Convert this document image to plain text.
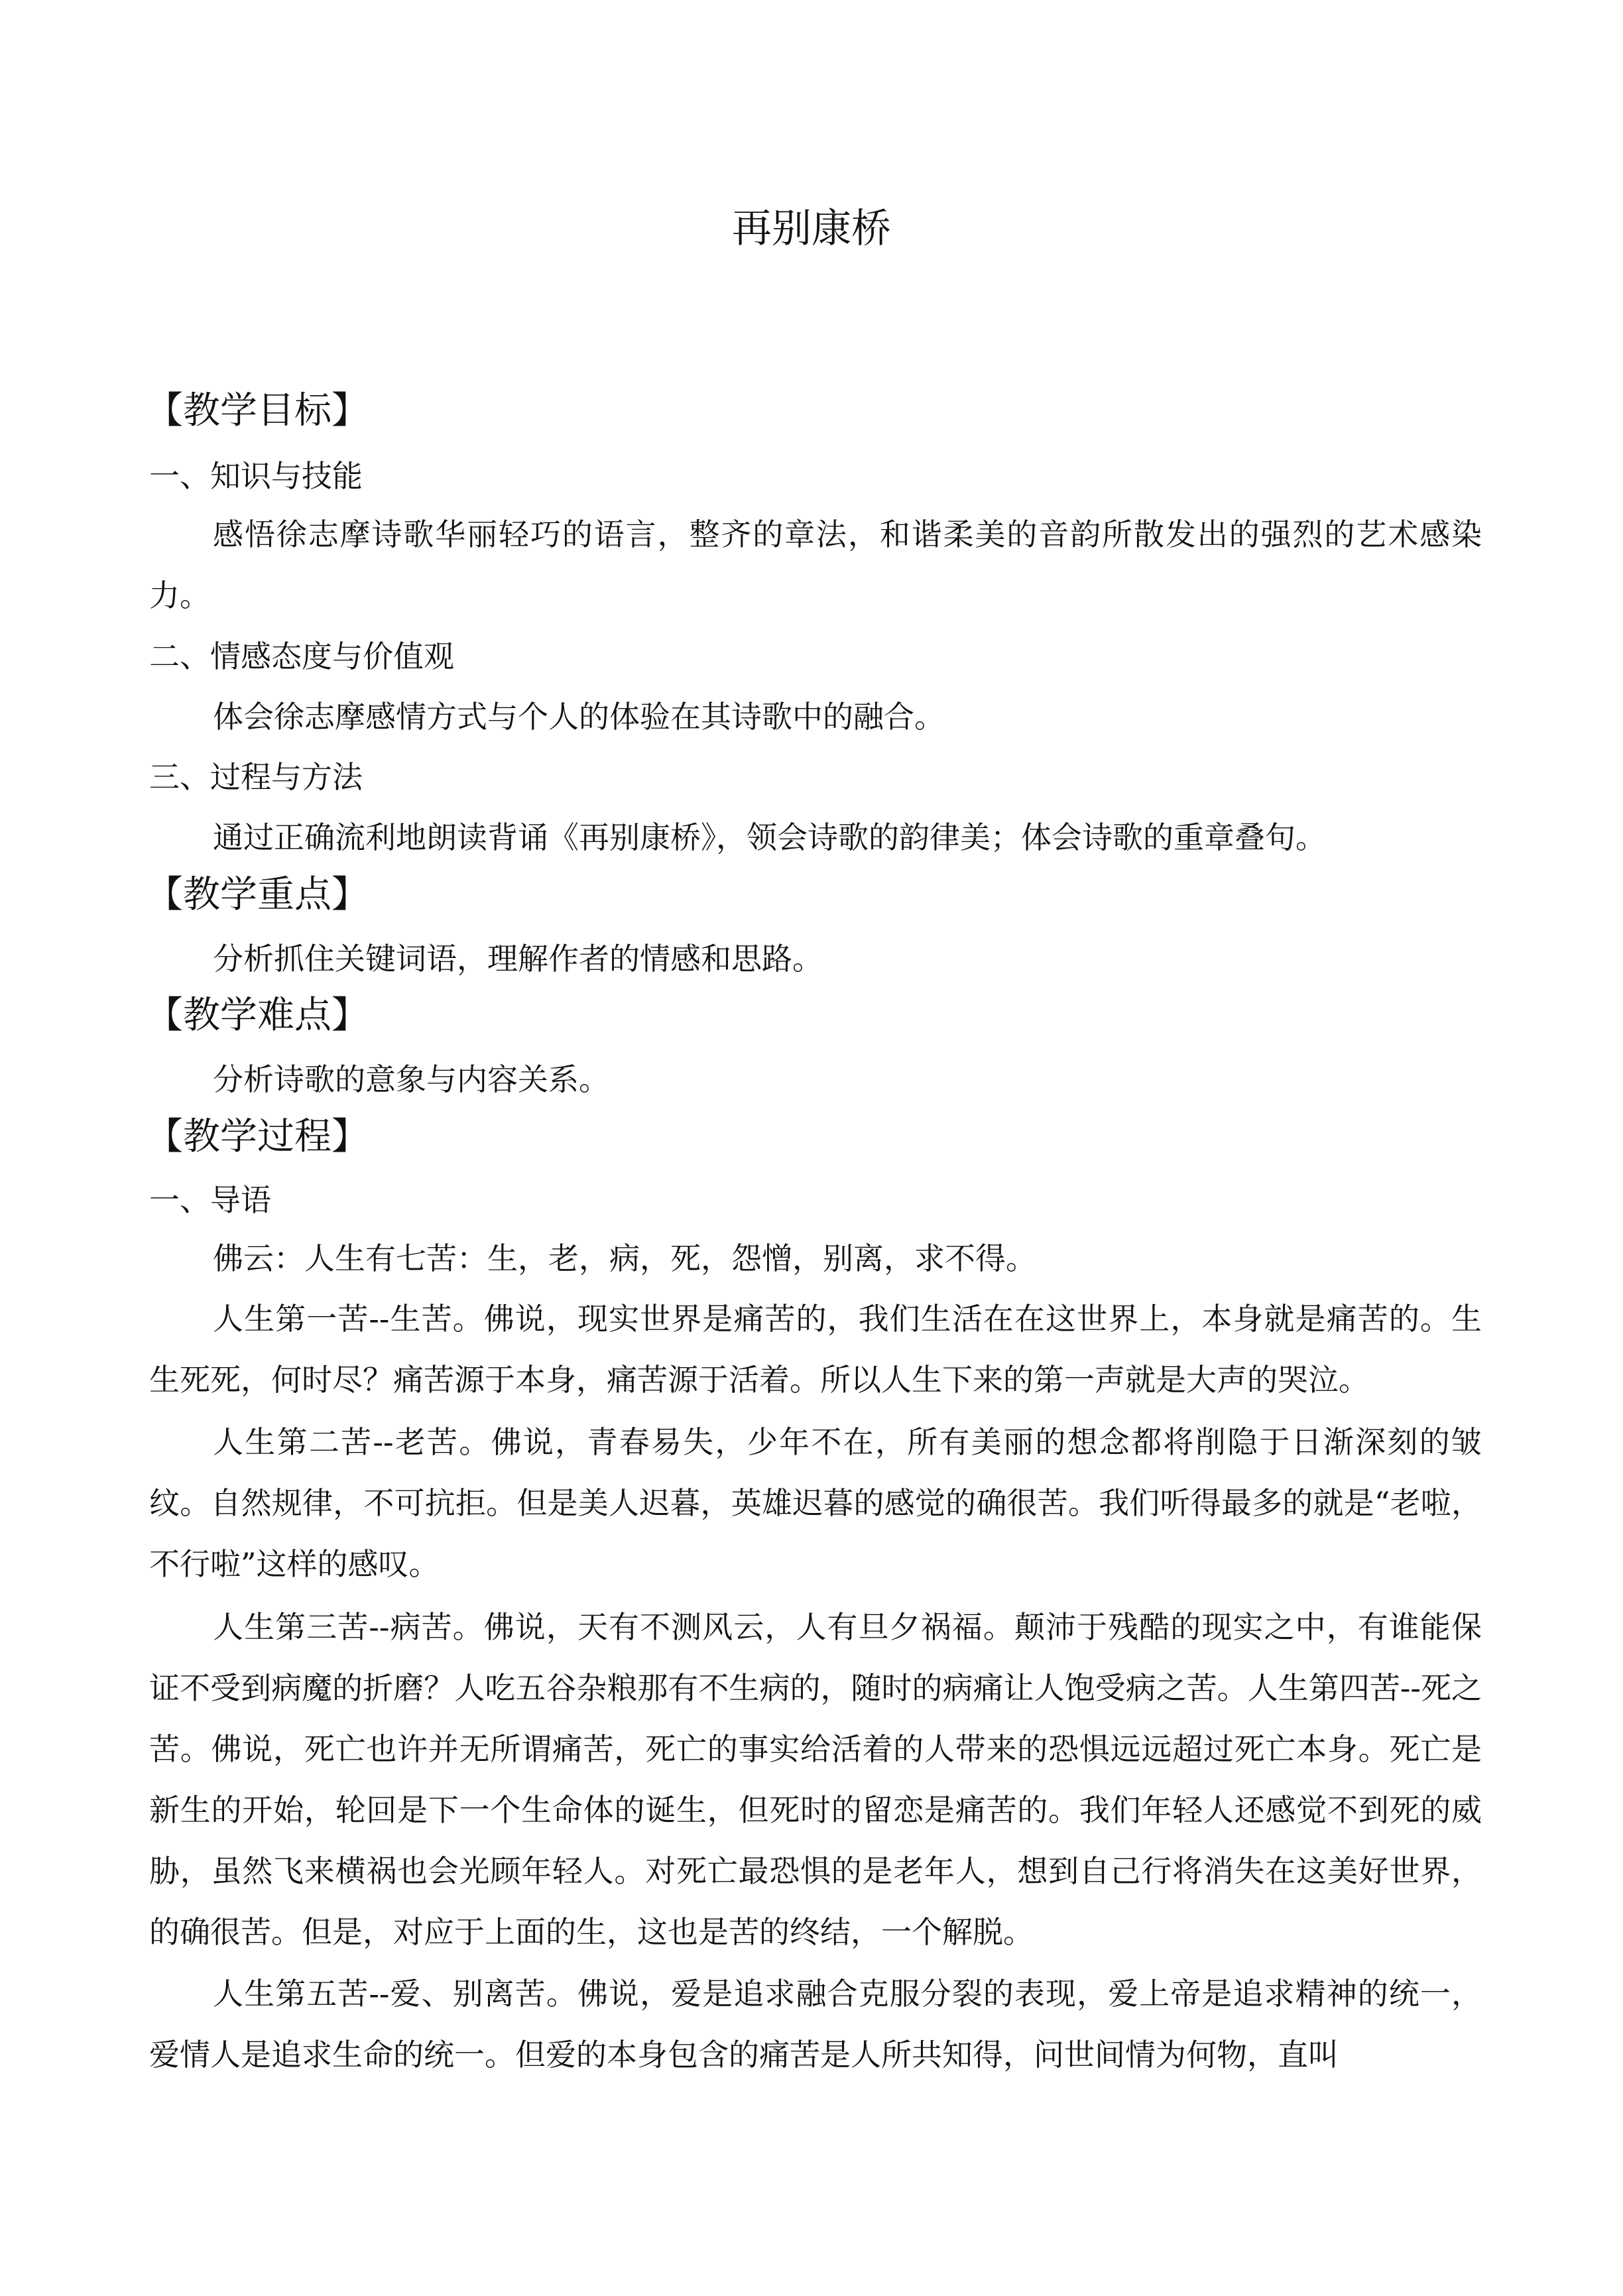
再别康桥
【教学目标】
一、知识与技能
感悟徐志摩诗歌华丽轻巧的语言，整齐的章法，和谐柔美的音韵所散发出的强烈的艺术感染力。
二、情感态度与价值观
体会徐志摩感情方式与个人的体验在其诗歌中的融合。
三、过程与方法
通过正确流利地朗读背诵《再别康桥》，领会诗歌的韵律美；体会诗歌的重章叠句。
【教学重点】
分析抓住关键词语，理解作者的情感和思路。
【教学难点】
分析诗歌的意象与内容关系。
【教学过程】
一、导语
佛云：人生有七苦：生，老，病，死，怨憎，别离，求不得。
人生第一苦--生苦。佛说，现实世界是痛苦的，我们生活在在这世界上，本身就是痛苦的。生生死死，何时尽？痛苦源于本身，痛苦源于活着。所以人生下来的第一声就是大声的哭泣。
人生第二苦--老苦。佛说，青春易失，少年不在，所有美丽的想念都将削隐于日渐深刻的皱纹。自然规律，不可抗拒。但是美人迟暮，英雄迟暮的感觉的确很苦。我们听得最多的就是“老啦，不行啦”这样的感叹。
人生第三苦--病苦。佛说，天有不测风云，人有旦夕祸福。颠沛于残酷的现实之中，有谁能保证不受到病魔的折磨？人吃五谷杂粮那有不生病的，随时的病痛让人饱受病之苦。人生第四苦--死之苦。佛说，死亡也许并无所谓痛苦，死亡的事实给活着的人带来的恐惧远远超过死亡本身。死亡是新生的开始，轮回是下一个生命体的诞生，但死时的留恋是痛苦的。我们年轻人还感觉不到死的威胁，虽然飞来横祸也会光顾年轻人。对死亡最恐惧的是老年人，想到自己行将消失在这美好世界，的确很苦。但是，对应于上面的生，这也是苦的终结，一个解脱。
人生第五苦--爱、别离苦。佛说，爱是追求融合克服分裂的表现，爱上帝是追求精神的统一，爱情人是追求生命的统一。但爱的本身包含的痛苦是人所共知得，问世间情为何物，直叫
